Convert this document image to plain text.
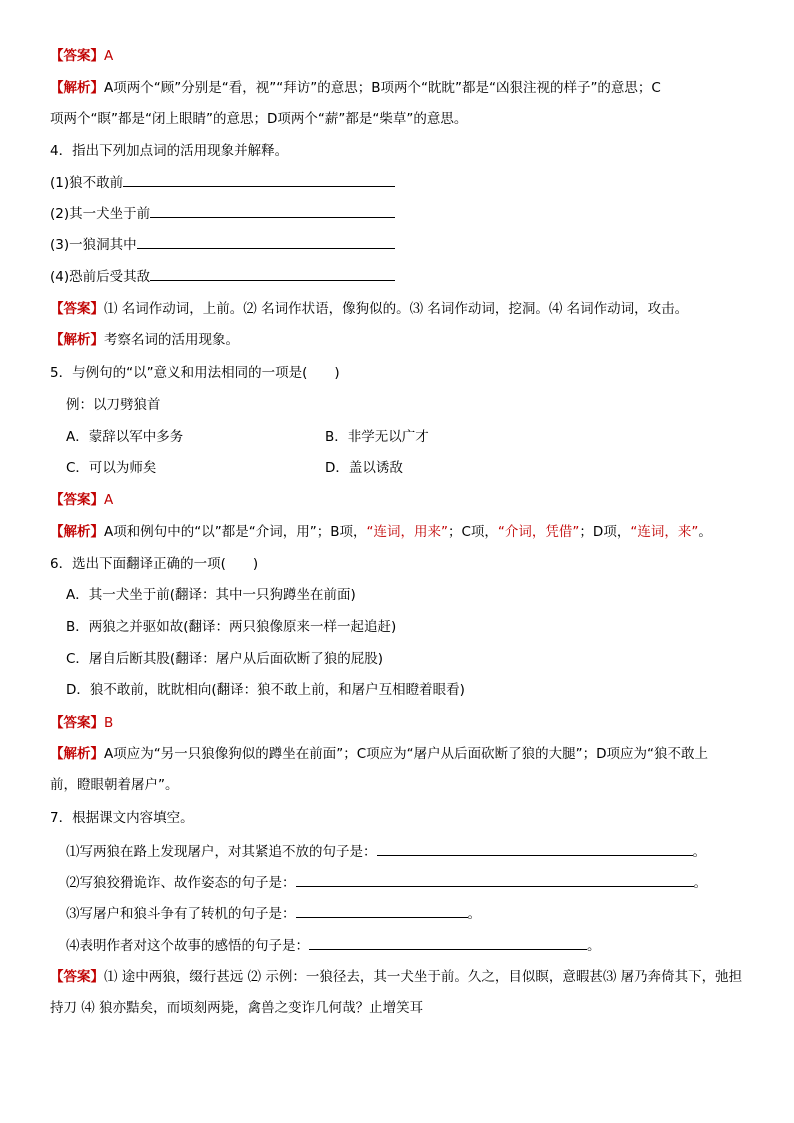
【答案】A
【解析】A项两个“顾”分别是“看，视”“拜访”的意思；B项两个“眈眈”都是“凶狠注视的样子”的意思；C
项两个“瞑”都是“闭上眼睛”的意思；D项两个“薪”都是“柴草”的意思。
4．指出下列加点词的活用现象并解释。
(1)狼不敢前
(2)其一犬坐于前
(3)一狼洞其中
(4)恐前后受其敌
【答案】⑴ 名词作动词，上前。⑵ 名词作状语，像狗似的。⑶ 名词作动词，挖洞。⑷ 名词作动词，攻击。
【解析】考察名词的活用现象。
5．与例句的“以”意义和用法相同的一项是(　　)
例：以刀劈狼首
A．蒙辞以军中多务	B．非学无以广才
C．可以为师矣	D．盖以诱敌
【答案】A
【解析】A项和例句中的“以”都是“介词，用”；B项，“连词，用来”；C项，“介词，凭借”；D项，“连词，来”。
6．选出下面翻译正确的一项(　　)
A．其一犬坐于前(翻译：其中一只狗蹲坐在前面)
B．两狼之并驱如故(翻译：两只狼像原来一样一起追赶)
C．屠自后断其股(翻译：屠户从后面砍断了狼的屁股)
D．狼不敢前，眈眈相向(翻译：狼不敢上前，和屠户互相瞪着眼看)
【答案】B
【解析】A项应为“另一只狼像狗似的蹲坐在前面”；C项应为“屠户从后面砍断了狼的大腿”；D项应为“狼不敢上
前，瞪眼朝着屠户”。
7．根据课文内容填空。
⑴写两狼在路上发现屠户，对其紧追不放的句子是：	。
⑵写狼狡猾诡诈、故作姿态的句子是：	。
⑶写屠户和狼斗争有了转机的句子是：	。
⑷表明作者对这个故事的感悟的句子是：	。
【答案】⑴ 途中两狼，缀行甚远 ⑵ 示例：一狼径去，其一犬坐于前。久之，目似瞑，意暇甚⑶ 屠乃奔倚其下，弛担持刀 ⑷ 狼亦黠矣，而顷刻两毙，禽兽之变诈几何哉？止增笑耳
